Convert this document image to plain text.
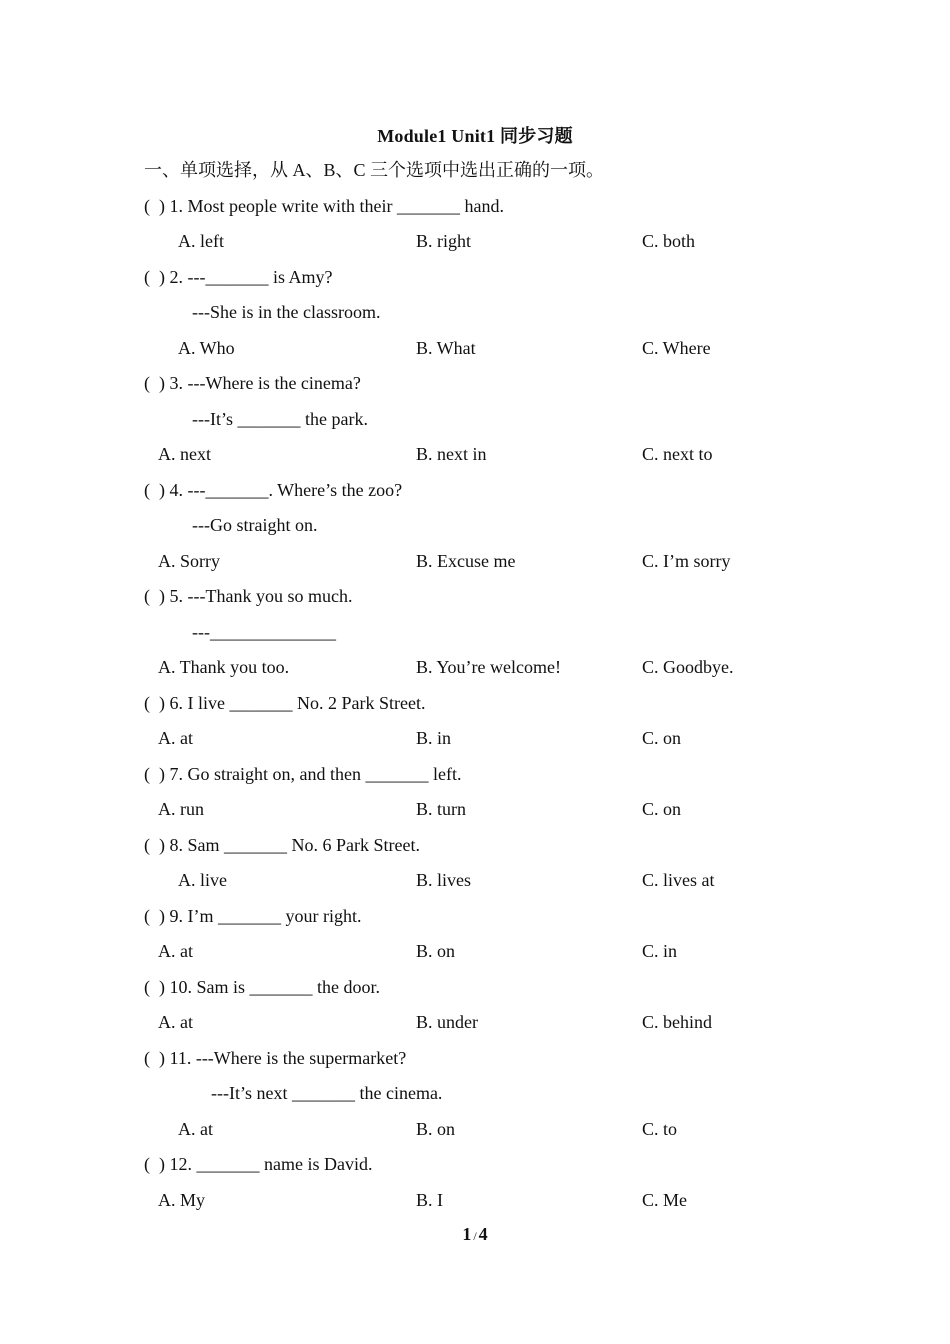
Module1 Unit1 同步习题
一、单项选择，从 A、B、C 三个选项中选出正确的一项。
(  ) 1. Most people write with their _______ hand.
A. left	B. right	C. both
(  ) 2. ---_______ is Amy?
---She is in the classroom.
A. Who	B. What	C. Where
(  ) 3. ---Where is the cinema?
---It’s _______ the park.
A. next	B. next in	C. next to
(  ) 4. ---_______. Where’s the zoo?
---Go straight on.
A. Sorry	B. Excuse me	C. I’m sorry
(  ) 5. ---Thank you so much.
---______________
A. Thank you too.	B. You’re welcome!	C. Goodbye.
(  ) 6. I live _______ No. 2 Park Street.
A. at	B. in	C. on
(  ) 7. Go straight on, and then _______ left.
A. run	B. turn	C. on
(  ) 8. Sam _______ No. 6 Park Street.
A. live	B. lives	C. lives at
(  ) 9. I’m _______ your right.
A. at	B. on	C. in
(  ) 10. Sam is _______ the door.
A. at	B. under	C. behind
(  ) 11. ---Where is the supermarket?
---It’s next _______ the cinema.
A. at	B. on	C. to
(  ) 12. _______ name is David.
A. My	B. I	C. Me
1 / 4
